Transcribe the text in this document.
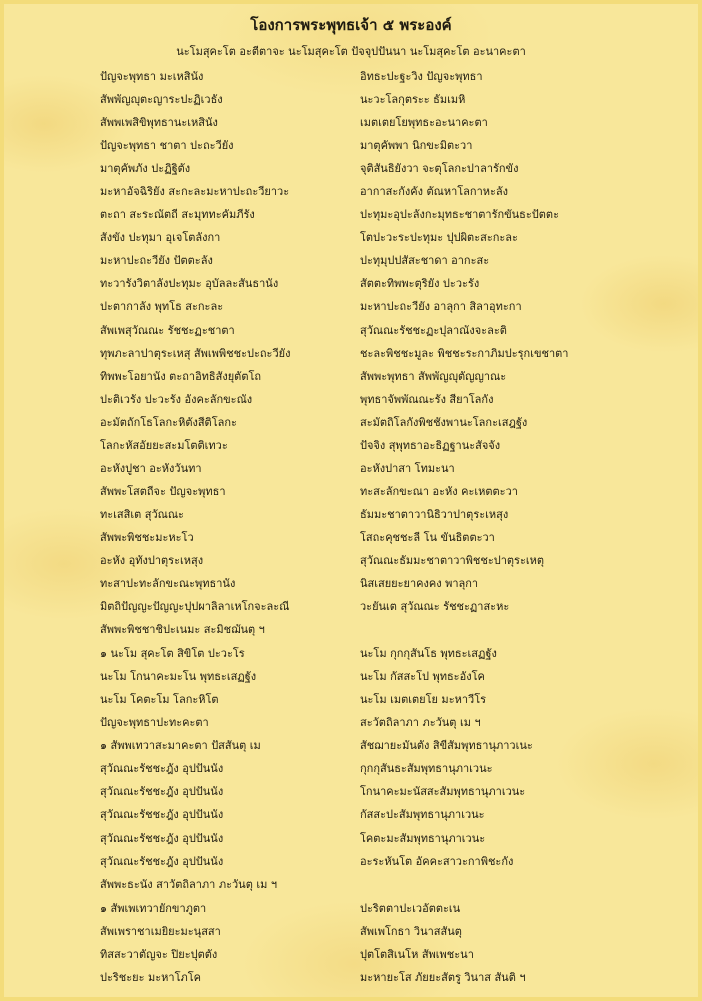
โองการพระพุทธเจ้า ๕ พระองค์
นะโมสุคะโต อะตีตาจะ นะโมสุคะโต ปัจจุปปันนา นะโมสุคะโต อะนาคะตา
ปัญจะพุทธา มะเหสินัง	อิทธะปะฐะวิง ปัญจะพุทธา
สัพพัญญุตะญาระปะฏิเวธัง	นะวะโลกุตระะ ธัมเมหิ
สัพพเพสิขิพุทธานะเหสินัง	เมตเตยโยพุทธะอะนาคะตา
ปัญจะพุทธา ชาตา ปะถะวียัง	มาตุคัพพา นิกขะมิตะวา
มาตุคัพภัง ปะฏิฐิตัง	จุติสันธิยังวา จะตุโลกะปาลารักขัง
มะหาอัจฉิริยัง สะกะละมะหาปะถะวียาวะ	อากาสะกังคัง ตัณหาโลกาหะลัง
ตะถา สะระณัตถี สะมุททะคัมภีรัง	ปะทุมะอุปะลังกะมุทธะชาตารักขันธะปัตตะ
สังขัง ปะทุมา อุเจโตลังกา	โตปะวะระปะทุมะ ปุปผิตะสะกะละ
มะหาปะถะวียัง ปัตตะลัง	ปะทุมุปปสัสะชาดา อากะสะ
ทะวารังวิตาลังปะทุมะ อุบัลละสันธานัง	สัตตะทิพพะตุริยัง ปะวะรัง
ปะตากาลัง พุทโธ สะกะละ	มะหาปะถะวียัง อาลุกา สิลาอุทะกา
สัพเพสุวัณณะ รัชชะฏะชาตา	สุวัณณะรัชชะฏะปุลาณังจะละติ
ทุพภะลาปาตุระเหสุ สัพเพพิชชะปะถะวียัง	ชะละพิชชะมูละ พิชชะระกาภิมปะรุกเขชาตา
ทิพพะโอยานัง ตะถาอิทธิสังยุตัตโถ	สัพพะพุทธา สัพพัญญุตัญญาณะ
ปะติเวรัง ปะวะรัง อังคะลักขะณัง	พุทธาจัพพัณณะรัง สียาโลกัง
อะมัตถักโธโลกะหิตังสีติโลกะ	สะมัตถิโลกังพิชชังพานะโลกะเสฎฐัง
โลกะหัสอัยยะสะมโตติเทวะ	ปัจจิง สุพุทธาอะธิฏฐานะสัจจัง
อะหังปูชา อะหังวันทา	อะหังปาสา โทมะนา
สัพพะโสตถีจะ ปัญจะพุทธา	ทะสะลักขะณา อะหัง คะเหตตะวา
ทะเสสิเต สุวัณณะ	ธัมมะชาตาวานิธิวาปาตุระเหสุง
สัพพะพิชชะมะหะโว	โสถะคุชชะลี โน ขันธิตตะวา
อะหัง อุทังปาตุระเหสุง	สุวัณณะธัมมะชาตาวาพิชชะปาตุระเหตุ
ทะสาปะทะลักขะณะพุทธานัง	นิสเสยยะยาคงคง พาลุกา
มิตถิปัญญะปัญญะปุปผาลิลาเหโกจะละณี	วะยันเต สุวัณณะ รัชชะฏาสะหะ
สัพพะพิชชาชิปะเนมะ สะมิชฌันตุ ฯ
๑ นะโม สุคะโต สิขิโต ปะวะโร	นะโม กุกกุสันโธ พุทธะเสฏฐัง
นะโม โกนาคะมะโน พุทธะเสฏฐัง	นะโม กัสสะโป พุทธะอังโค
นะโม โคตะโม โลกะหิโต	นะโม เมตเตยโย มะหาวีโร
ปัญจะพุทธาปะทะคะตา	สะวัตถิลาภา ภะวันตุ เม ฯ
๑ สัพพเทวาสะมาคะตา ปัสสันตุ เม	สัชฌายะมันตัง สิขีสัมพุทธานุภาวเนะ
สุวัณณะรัชชะฎัง อุปปันนัง	กุกกุสันธะสัมพุทธานุภาเวนะ
สุวัณณะรัชชะฎัง อุปปันนัง	โกนาคะมะนัสสะสัมพุทธานุภาเวนะ
สุวัณณะรัชชะฎัง อุปปันนัง	กัสสะปะสัมพุทธานุภาเวนะ
สุวัณณะรัชชะฎัง อุปปันนัง	โคตะมะสัมพุทธานุภาเวนะ
สุวัณณะรัชชะฎัง อุปปันนัง	อะระหันโต อัคคะสาวะกาพิชะกัง
สัพพะธะนัง สาวัตถิลาภา ภะวันตุ เม ฯ
๑ สัพเพเทวายักขาภูตา	ปะริตตาปะเวอัตตะเน
สัพเพราชาเมยิยะมะนุสสา	สัพเพโกธา วินาสสันตุ
ทิสสะวาตัญจะ ปิยะปุตตัง	ปุตโตสิเนโห สัพเพชะนา
ปะริชะยะ มะหาโภโค	มะหายะโส ภัยยะสัตรู วินาส สันติ ฯ
